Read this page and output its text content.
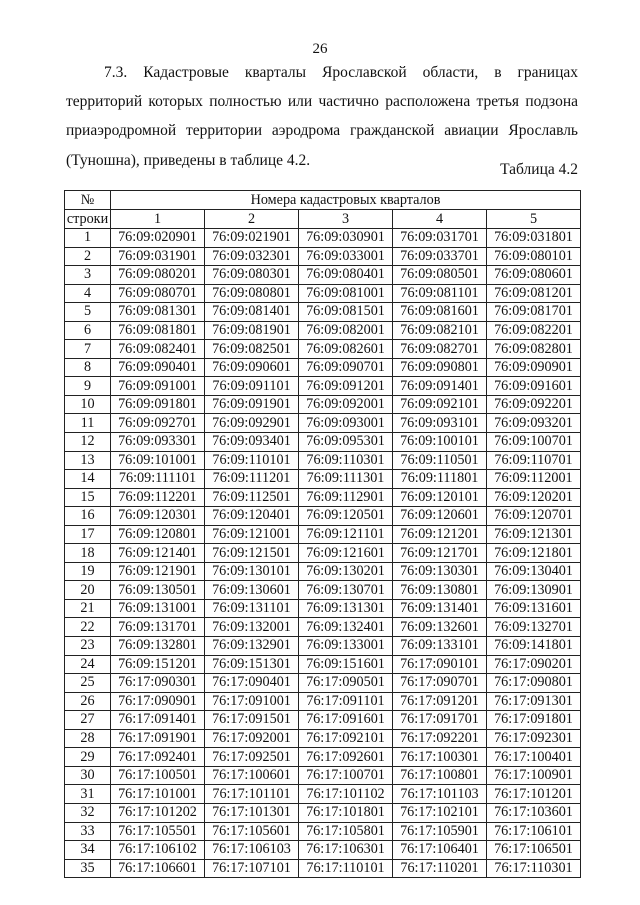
26

7.3. Кадастровые кварталы Ярославской области, в границах территорий которых полностью или частично расположена третья подзона приаэродромной территории аэродрома гражданской авиации Ярославль (Туношна), приведены в таблице 4.2.

Таблица 4.2
№	Номера кадастровых кварталов				
строки	1	2	3	4	5
1	76:09:020901	76:09:021901	76:09:030901	76:09:031701	76:09:031801
2	76:09:031901	76:09:032301	76:09:033001	76:09:033701	76:09:080101
3	76:09:080201	76:09:080301	76:09:080401	76:09:080501	76:09:080601
4	76:09:080701	76:09:080801	76:09:081001	76:09:081101	76:09:081201
5	76:09:081301	76:09:081401	76:09:081501	76:09:081601	76:09:081701
6	76:09:081801	76:09:081901	76:09:082001	76:09:082101	76:09:082201
7	76:09:082401	76:09:082501	76:09:082601	76:09:082701	76:09:082801
8	76:09:090401	76:09:090601	76:09:090701	76:09:090801	76:09:090901
9	76:09:091001	76:09:091101	76:09:091201	76:09:091401	76:09:091601
10	76:09:091801	76:09:091901	76:09:092001	76:09:092101	76:09:092201
11	76:09:092701	76:09:092901	76:09:093001	76:09:093101	76:09:093201
12	76:09:093301	76:09:093401	76:09:095301	76:09:100101	76:09:100701
13	76:09:101001	76:09:110101	76:09:110301	76:09:110501	76:09:110701
14	76:09:111101	76:09:111201	76:09:111301	76:09:111801	76:09:112001
15	76:09:112201	76:09:112501	76:09:112901	76:09:120101	76:09:120201
16	76:09:120301	76:09:120401	76:09:120501	76:09:120601	76:09:120701
17	76:09:120801	76:09:121001	76:09:121101	76:09:121201	76:09:121301
18	76:09:121401	76:09:121501	76:09:121601	76:09:121701	76:09:121801
19	76:09:121901	76:09:130101	76:09:130201	76:09:130301	76:09:130401
20	76:09:130501	76:09:130601	76:09:130701	76:09:130801	76:09:130901
21	76:09:131001	76:09:131101	76:09:131301	76:09:131401	76:09:131601
22	76:09:131701	76:09:132001	76:09:132401	76:09:132601	76:09:132701
23	76:09:132801	76:09:132901	76:09:133001	76:09:133101	76:09:141801
24	76:09:151201	76:09:151301	76:09:151601	76:17:090101	76:17:090201
25	76:17:090301	76:17:090401	76:17:090501	76:17:090701	76:17:090801
26	76:17:090901	76:17:091001	76:17:091101	76:17:091201	76:17:091301
27	76:17:091401	76:17:091501	76:17:091601	76:17:091701	76:17:091801
28	76:17:091901	76:17:092001	76:17:092101	76:17:092201	76:17:092301
29	76:17:092401	76:17:092501	76:17:092601	76:17:100301	76:17:100401
30	76:17:100501	76:17:100601	76:17:100701	76:17:100801	76:17:100901
31	76:17:101001	76:17:101101	76:17:101102	76:17:101103	76:17:101201
32	76:17:101202	76:17:101301	76:17:101801	76:17:102101	76:17:103601
33	76:17:105501	76:17:105601	76:17:105801	76:17:105901	76:17:106101
34	76:17:106102	76:17:106103	76:17:106301	76:17:106401	76:17:106501
35	76:17:106601	76:17:107101	76:17:110101	76:17:110201	76:17:110301
